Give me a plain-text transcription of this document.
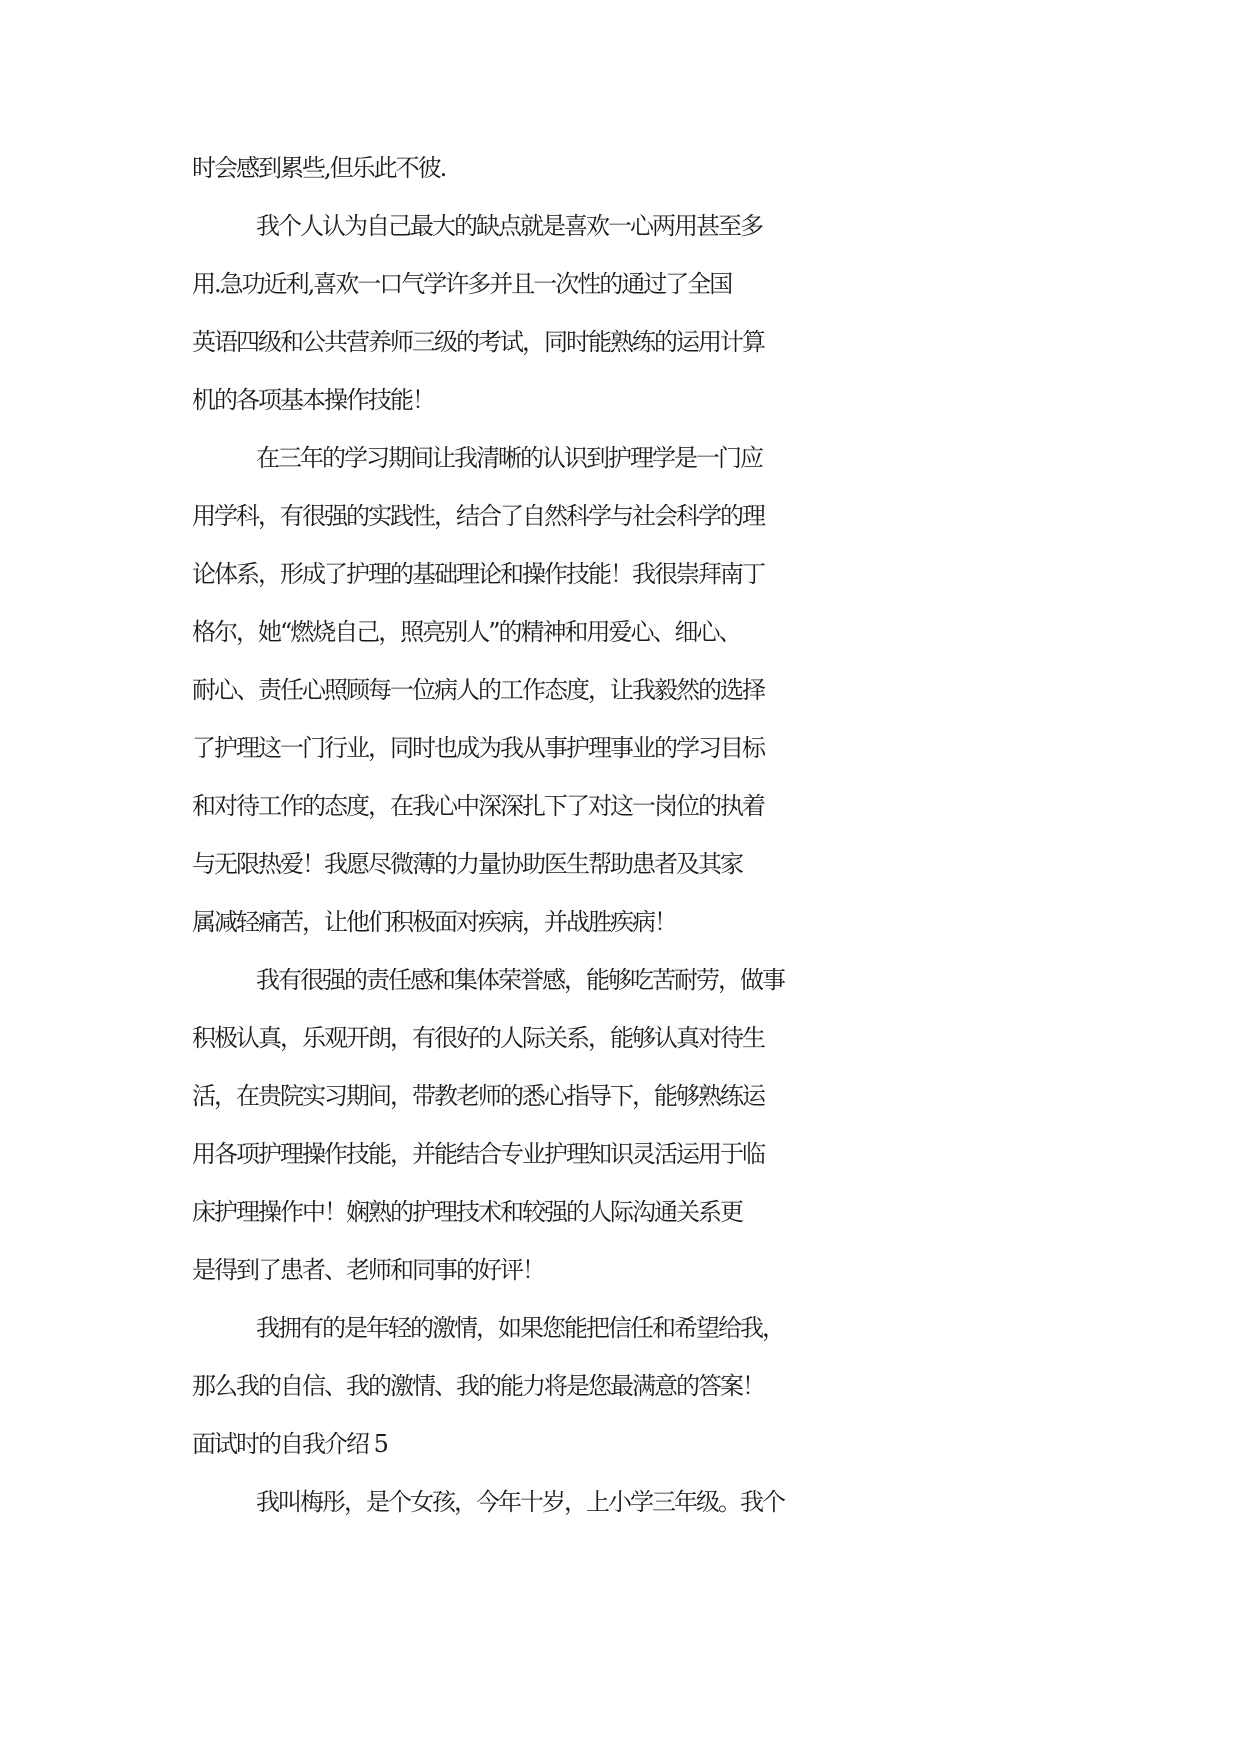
时会感到累些,但乐此不彼.
我个人认为自己最大的缺点就是喜欢一心两用甚至多
用.急功近利,喜欢一口气学许多并且一次性的通过了全国
英语四级和公共营养师三级的考试，同时能熟练的运用计算
机的各项基本操作技能！
在三年的学习期间让我清晰的认识到护理学是一门应
用学科，有很强的实践性，结合了自然科学与社会科学的理
论体系，形成了护理的基础理论和操作技能！我很崇拜南丁
格尔，她“燃烧自己，照亮别人”的精神和用爱心、细心、
耐心、责任心照顾每一位病人的工作态度，让我毅然的选择
了护理这一门行业，同时也成为我从事护理事业的学习目标
和对待工作的态度，在我心中深深扎下了对这一岗位的执着
与无限热爱！我愿尽微薄的力量协助医生帮助患者及其家
属减轻痛苦，让他们积极面对疾病，并战胜疾病！
我有很强的责任感和集体荣誉感，能够吃苦耐劳，做事
积极认真，乐观开朗，有很好的人际关系，能够认真对待生
活，在贵院实习期间，带教老师的悉心指导下，能够熟练运
用各项护理操作技能，并能结合专业护理知识灵活运用于临
床护理操作中！娴熟的护理技术和较强的人际沟通关系更
是得到了患者、老师和同事的好评！
我拥有的是年轻的激情，如果您能把信任和希望给我，
那么我的自信、我的激情、我的能力将是您最满意的答案！
面试时的自我介绍 5
我叫梅彤，是个女孩，今年十岁，上小学三年级。我个
